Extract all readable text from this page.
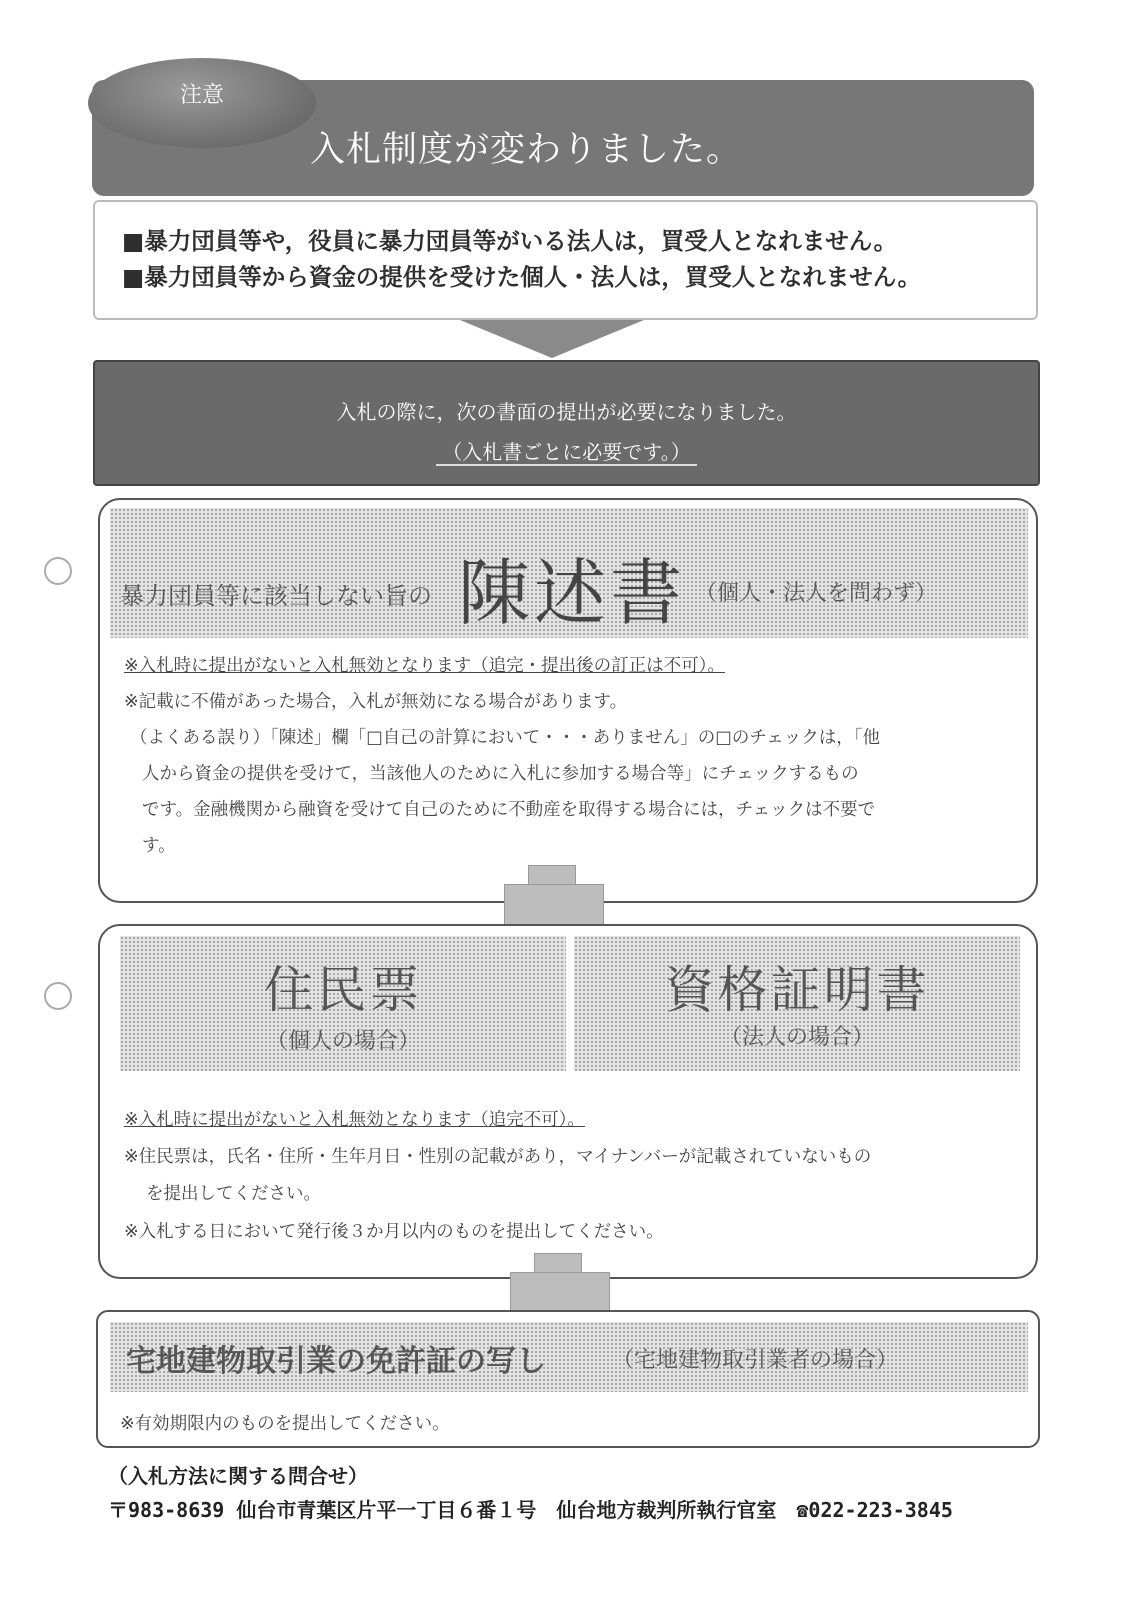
注意
入札制度が変わりました。
■暴力団員等や，役員に暴力団員等がいる法人は，買受人となれません。
■暴力団員等から資金の提供を受けた個人・法人は，買受人となれません。
入札の際に，次の書面の提出が必要になりました。
（入札書ごとに必要です。）
暴力団員等に該当しない旨の 陳述書 （個人・法人を問わず）
※入札時に提出がないと入札無効となります（追完・提出後の訂正は不可）。
※記載に不備があった場合，入札が無効になる場合があります。
（よくある誤り）「陳述」欄「□自己の計算において・・・ありません」の□のチェックは，「他
人から資金の提供を受けて，当該他人のために入札に参加する場合等」にチェックするもの
です。金融機関から融資を受けて自己のために不動産を取得する場合には，チェックは不要で
す。
住民票
（個人の場合）
資格証明書
（法人の場合）
※入札時に提出がないと入札無効となります（追完不可）。
※住民票は，氏名・住所・生年月日・性別の記載があり，マイナンバーが記載されていないもの
を提出してください。
※入札する日において発行後３か月以内のものを提出してください。
宅地建物取引業の免許証の写し	（宅地建物取引業者の場合）
※有効期限内のものを提出してください。
（入札方法に関する問合せ）
〒983-8639 仙台市青葉区片平一丁目６番１号　仙台地方裁判所執行官室　☎022-223-3845
